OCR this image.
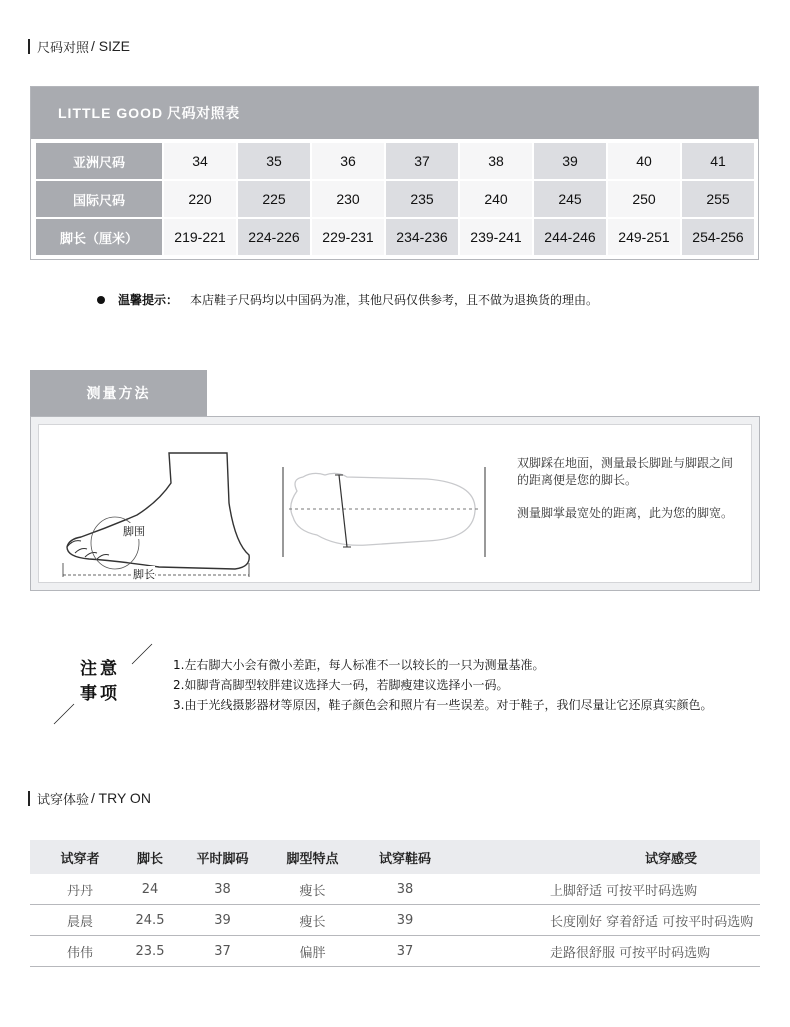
尺码对照 / SIZE
LITTLE GOOD 尺码对照表
亚洲尺码	34	35	36	37	38	39	40	41
国际尺码	220	225	230	235	240	245	250	255
脚长（厘米）	219-221	224-226	229-231	234-236	239-241	244-246	249-251	254-256
温馨提示： 本店鞋子尺码均以中国码为准，其他尺码仅供参考，且不做为退换货的理由。
测量方法
脚围
脚长
双脚踩在地面，测量最长脚趾与脚跟之间的距离便是您的脚长。
测量脚掌最宽处的距离，此为您的脚宽。
注意
事项
1.左右脚大小会有微小差距，每人标准不一以较长的一只为测量基准。
2.如脚背高脚型较胖建议选择大一码，若脚瘦建议选择小一码。
3.由于光线摄影器材等原因，鞋子颜色会和照片有一些误差。对于鞋子，我们尽量让它还原真实颜色。
试穿体验 / TRY ON
试穿者	脚长	平时脚码	脚型特点	试穿鞋码	试穿感受
丹丹	24	38	瘦长	38	上脚舒适 可按平时码选购
晨晨	24.5	39	瘦长	39	长度刚好 穿着舒适 可按平时码选购
伟伟	23.5	37	偏胖	37	走路很舒服 可按平时码选购
